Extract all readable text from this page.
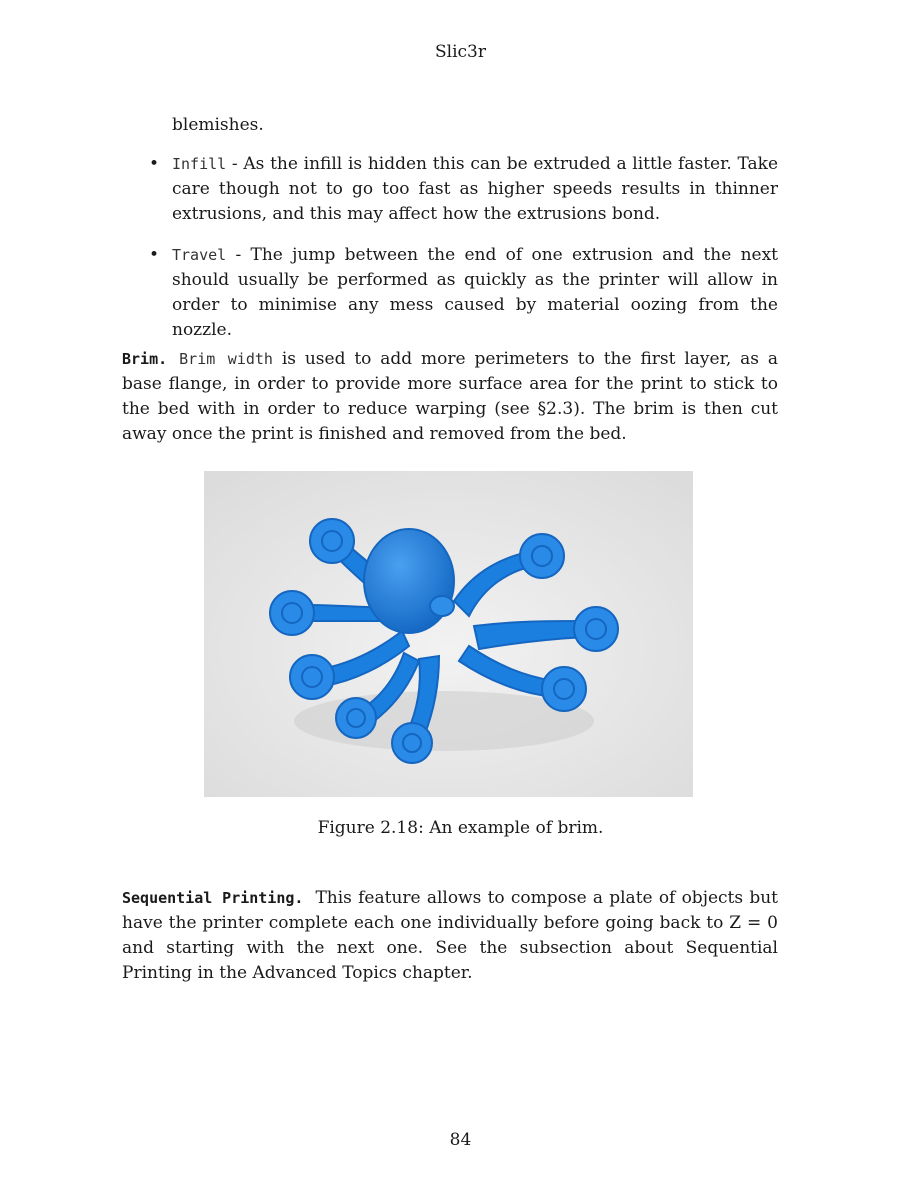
Slic3r
blemishes.
• Infill - As the infill is hidden this can be extruded a little faster. Take care though not to go too fast as higher speeds results in thinner extrusions, and this may affect how the extrusions bond.
• Travel - The jump between the end of one extrusion and the next should usually be performed as quickly as the printer will allow in order to minimise any mess caused by material oozing from the nozzle.
Brim. Brim width is used to add more perimeters to the first layer, as a base flange, in order to provide more surface area for the print to stick to the bed with in order to reduce warping (see §2.3). The brim is then cut away once the print is finished and removed from the bed.
Figure 2.18: An example of brim.
Sequential Printing. This feature allows to compose a plate of objects but have the printer complete each one individually before going back to Z = 0 and starting with the next one. See the subsection about Sequential Printing in the Advanced Topics chapter.
84
